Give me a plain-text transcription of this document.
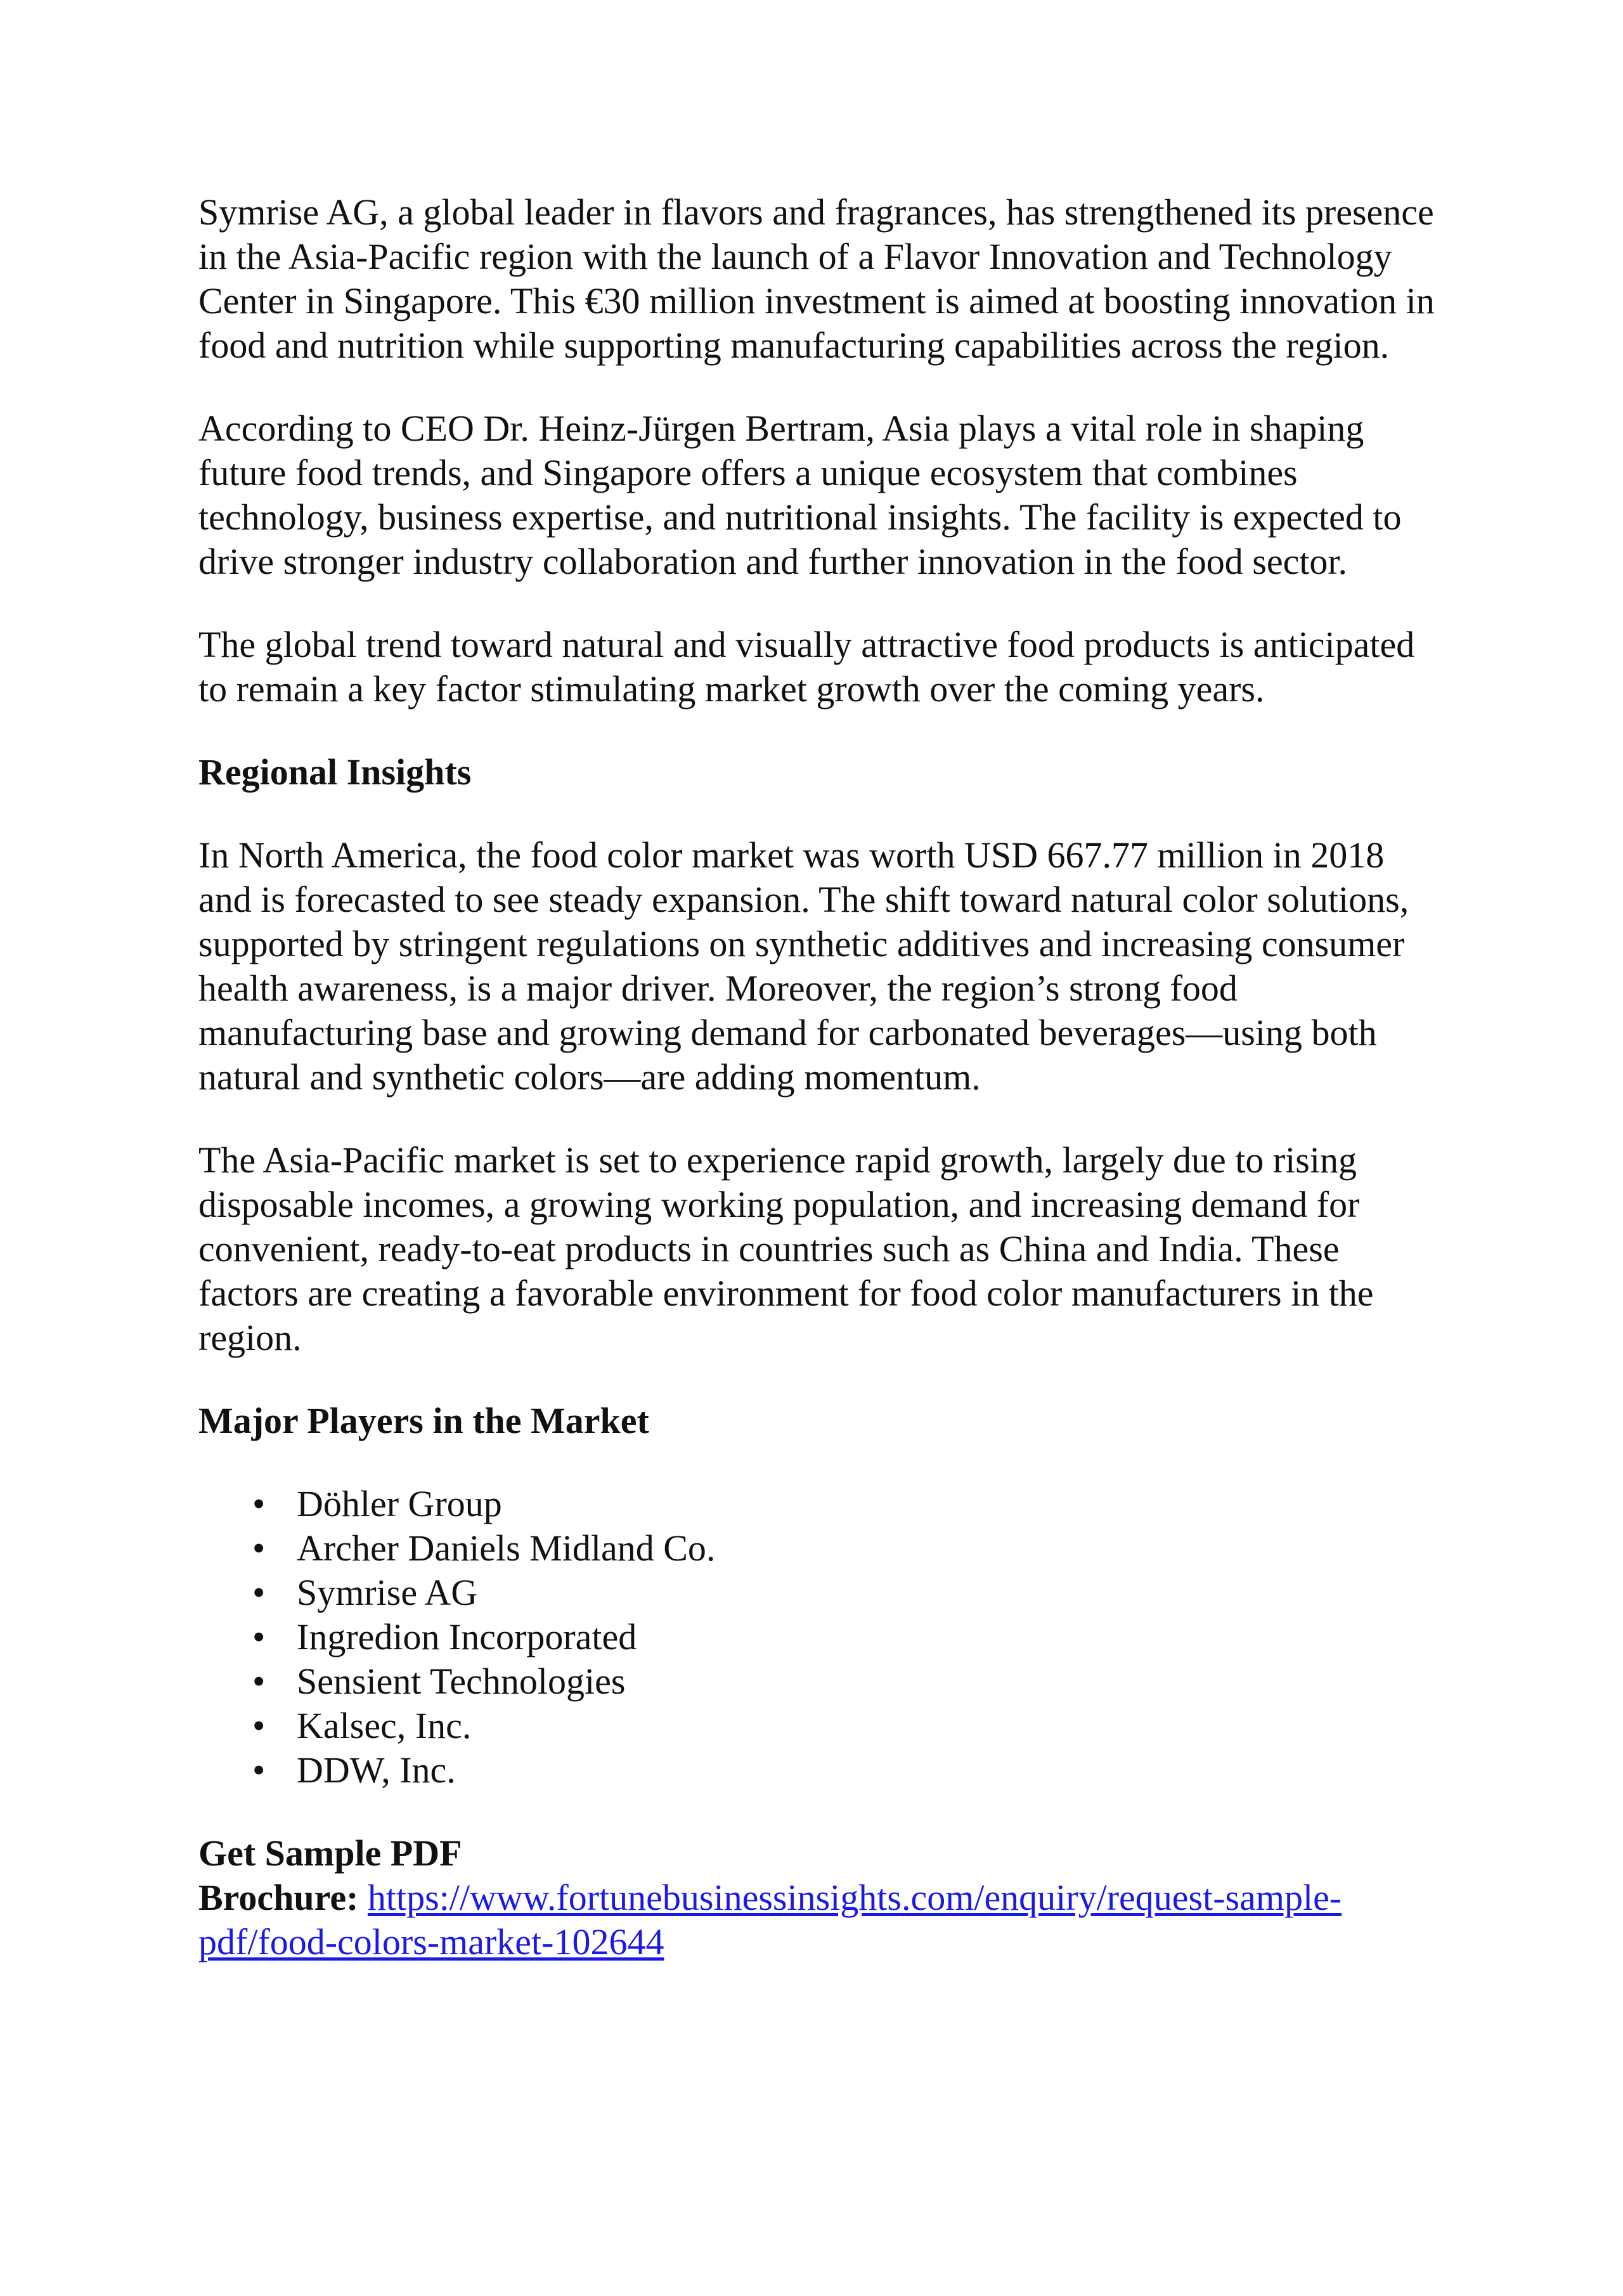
Symrise AG, a global leader in flavors and fragrances, has strengthened its presence in the Asia-Pacific region with the launch of a Flavor Innovation and Technology Center in Singapore. This €30 million investment is aimed at boosting innovation in food and nutrition while supporting manufacturing capabilities across the region.

According to CEO Dr. Heinz-Jürgen Bertram, Asia plays a vital role in shaping future food trends, and Singapore offers a unique ecosystem that combines technology, business expertise, and nutritional insights. The facility is expected to drive stronger industry collaboration and further innovation in the food sector.

The global trend toward natural and visually attractive food products is anticipated to remain a key factor stimulating market growth over the coming years.

Regional Insights

In North America, the food color market was worth USD 667.77 million in 2018 and is forecasted to see steady expansion. The shift toward natural color solutions, supported by stringent regulations on synthetic additives and increasing consumer health awareness, is a major driver. Moreover, the region’s strong food manufacturing base and growing demand for carbonated beverages—using both natural and synthetic colors—are adding momentum.

The Asia-Pacific market is set to experience rapid growth, largely due to rising disposable incomes, a growing working population, and increasing demand for convenient, ready-to-eat products in countries such as China and India. These factors are creating a favorable environment for food color manufacturers in the region.

Major Players in the Market
• Döhler Group
• Archer Daniels Midland Co.
• Symrise AG
• Ingredion Incorporated
• Sensient Technologies
• Kalsec, Inc.
• DDW, Inc.
Get Sample PDF
Brochure: https://www.fortunebusinessinsights.com/enquiry/request-sample-pdf/food-colors-market-102644
